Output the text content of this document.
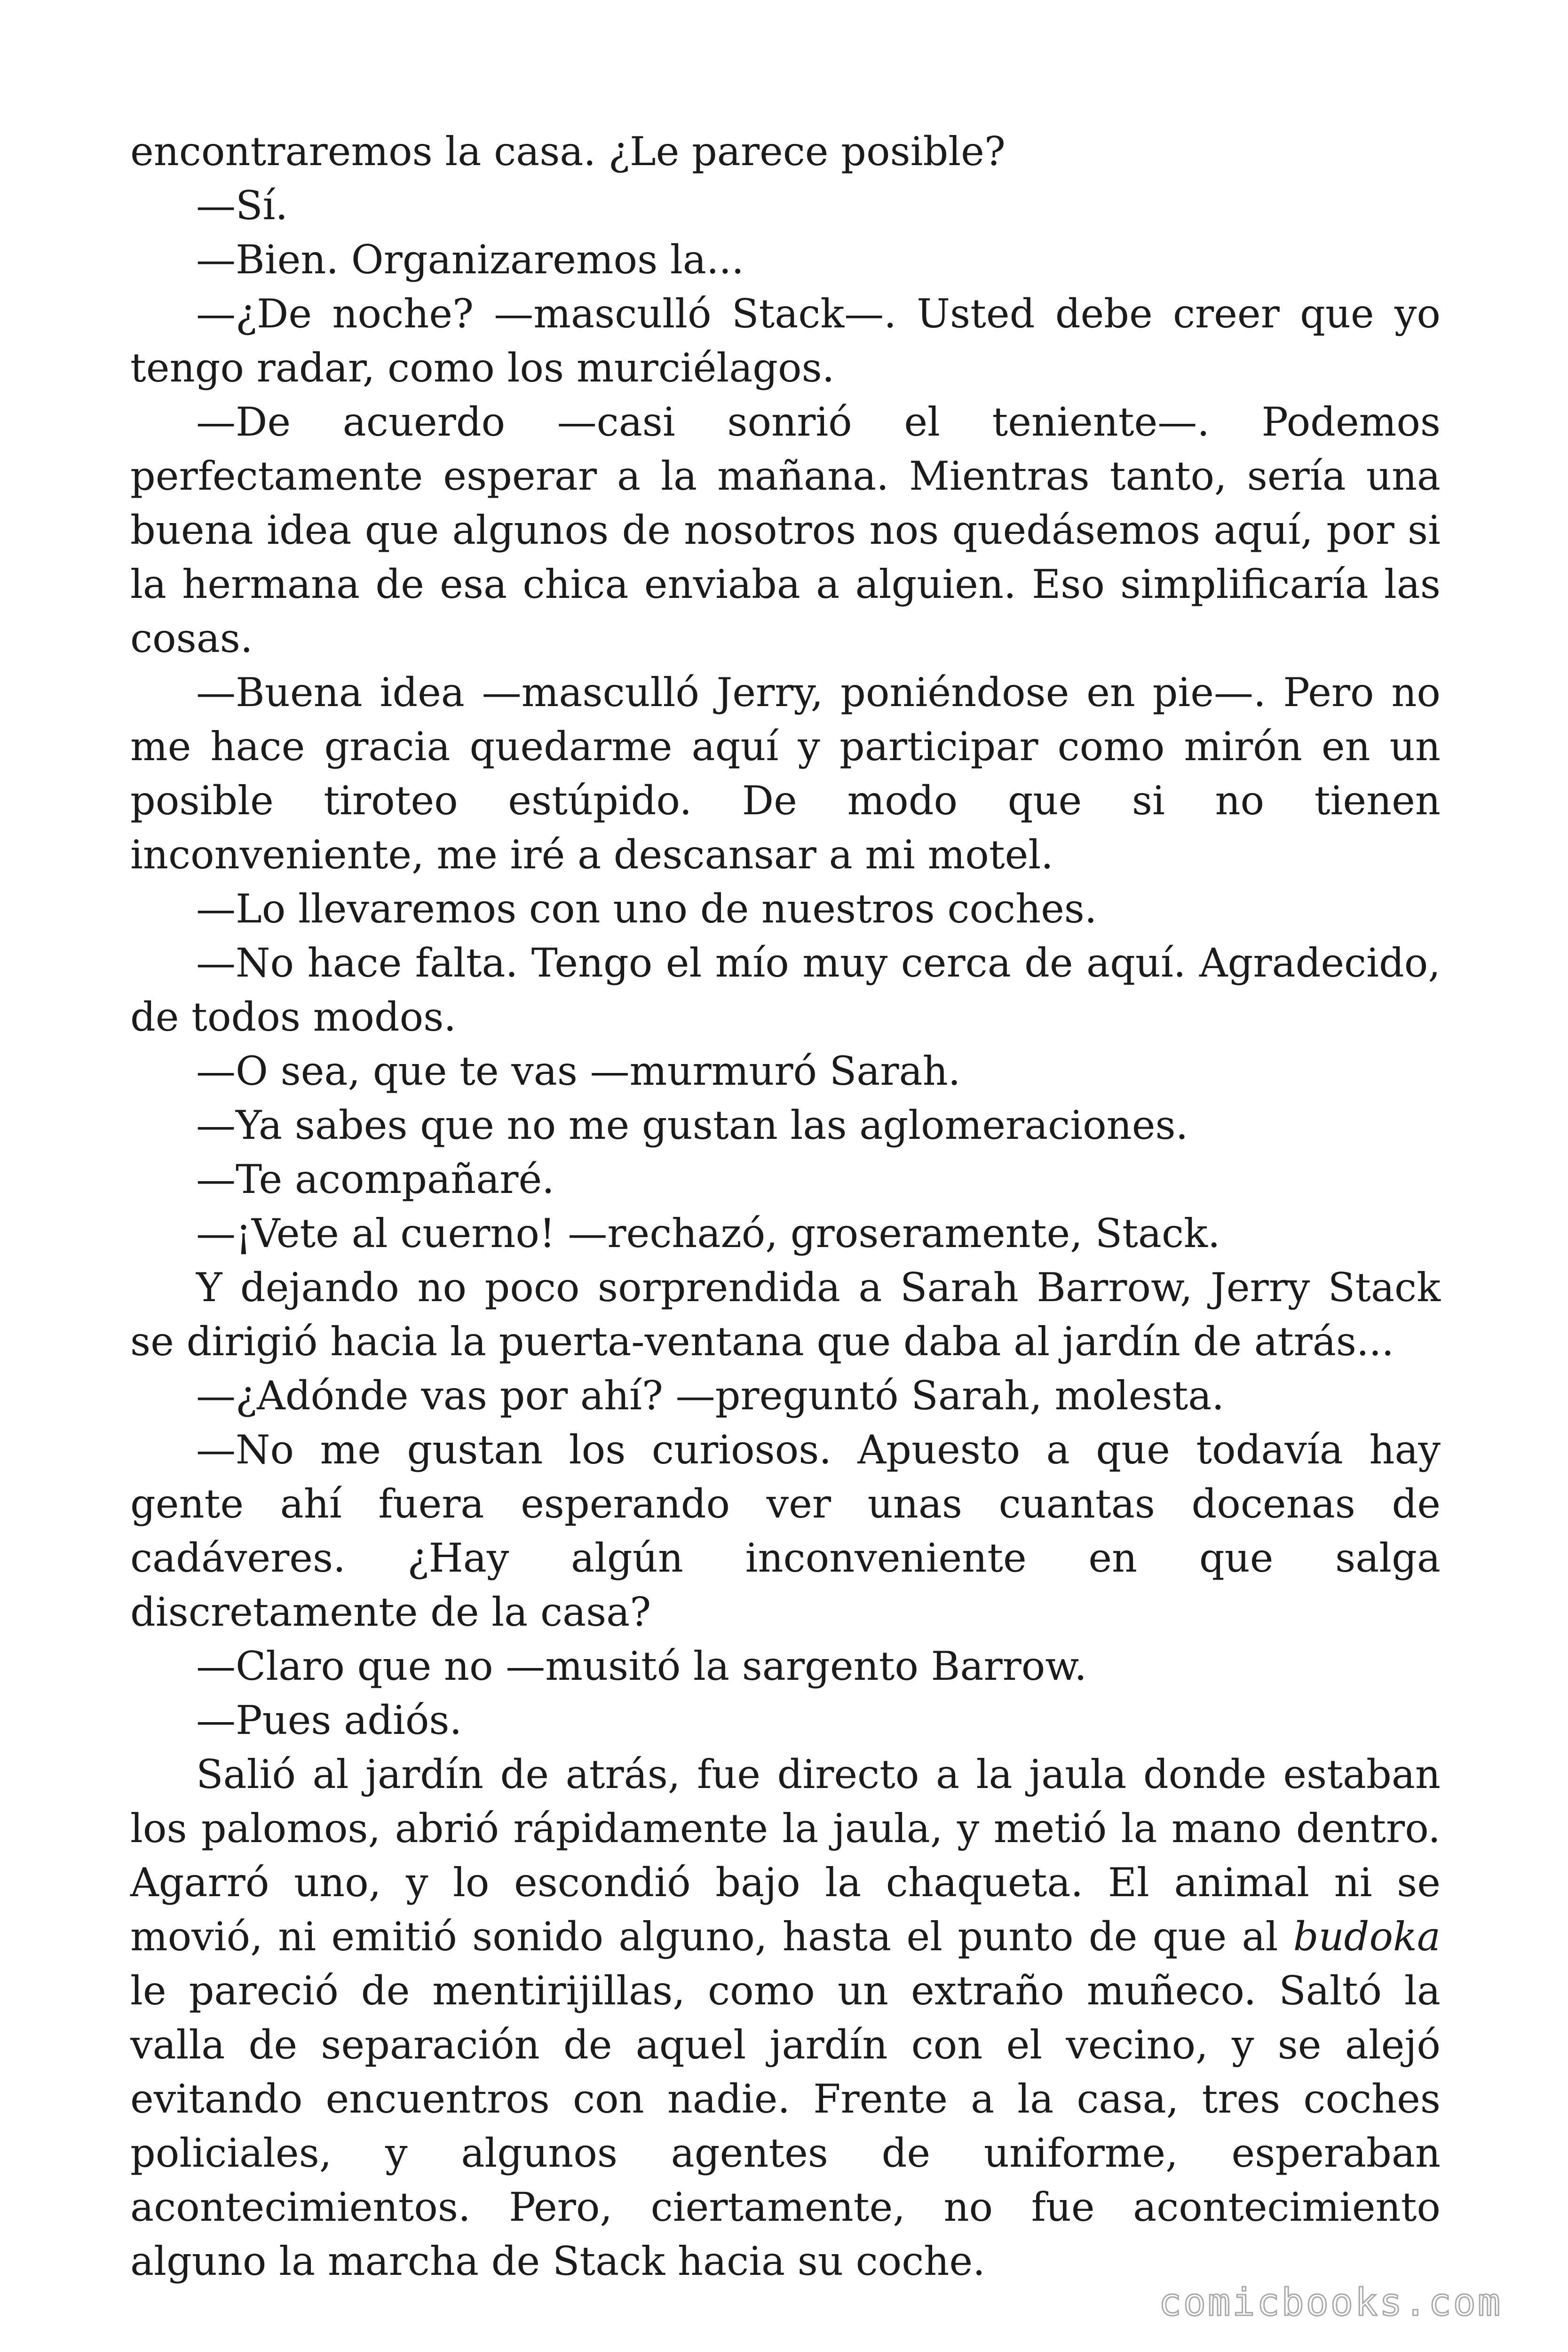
encontraremos la casa. ¿Le parece posible?

—Sí.

—Bien. Organizaremos la...

—¿De noche? —masculló Stack—. Usted debe creer que yo tengo radar, como los murciélagos.

—De acuerdo —casi sonrió el teniente—. Podemos perfectamente esperar a la mañana. Mientras tanto, sería una buena idea que algunos de nosotros nos quedásemos aquí, por si la hermana de esa chica enviaba a alguien. Eso simplificaría las cosas.

—Buena idea —masculló Jerry, poniéndose en pie—. Pero no me hace gracia quedarme aquí y participar como mirón en un posible tiroteo estúpido. De modo que si no tienen inconveniente, me iré a descansar a mi motel.

—Lo llevaremos con uno de nuestros coches.

—No hace falta. Tengo el mío muy cerca de aquí. Agradecido, de todos modos.

—O sea, que te vas —murmuró Sarah.

—Ya sabes que no me gustan las aglomeraciones.

—Te acompañaré.

—¡Vete al cuerno! —rechazó, groseramente, Stack.

Y dejando no poco sorprendida a Sarah Barrow, Jerry Stack se dirigió hacia la puerta-ventana que daba al jardín de atrás...

—¿Adónde vas por ahí? —preguntó Sarah, molesta.

—No me gustan los curiosos. Apuesto a que todavía hay gente ahí fuera esperando ver unas cuantas docenas de cadáveres. ¿Hay algún inconveniente en que salga discretamente de la casa?

—Claro que no —musitó la sargento Barrow.

—Pues adiós.

Salió al jardín de atrás, fue directo a la jaula donde estaban los palomos, abrió rápidamente la jaula, y metió la mano dentro. Agarró uno, y lo escondió bajo la chaqueta. El animal ni se movió, ni emitió sonido alguno, hasta el punto de que al budoka le pareció de mentirijillas, como un extraño muñeco. Saltó la valla de separación de aquel jardín con el vecino, y se alejó evitando encuentros con nadie. Frente a la casa, tres coches policiales, y algunos agentes de uniforme, esperaban acontecimientos. Pero, ciertamente, no fue acontecimiento alguno la marcha de Stack hacia su coche.

comicbooks.com
